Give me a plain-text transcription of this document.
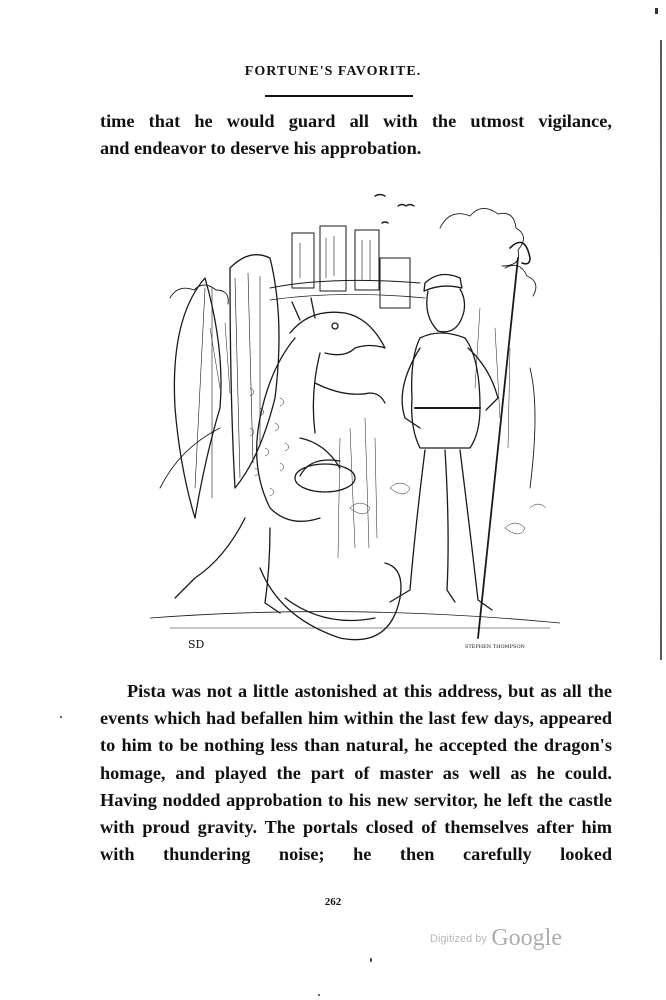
FORTUNE'S FAVORITE.
time that he would guard all with the utmost vigilance,
and endeavor to deserve his approbation.
SD	STEPHEN THOMPSON

Pista was not a little astonished at this address, but as all the events which had befallen him within the last few days, appeared to him to be nothing less than natural, he accepted the dragon's homage, and played the part of master as well as he could. Having nodded approbation to his new servitor, he left the castle with proud gravity. The portals closed of themselves after him with thundering noise; he then carefully looked

262
Digitized by Google
